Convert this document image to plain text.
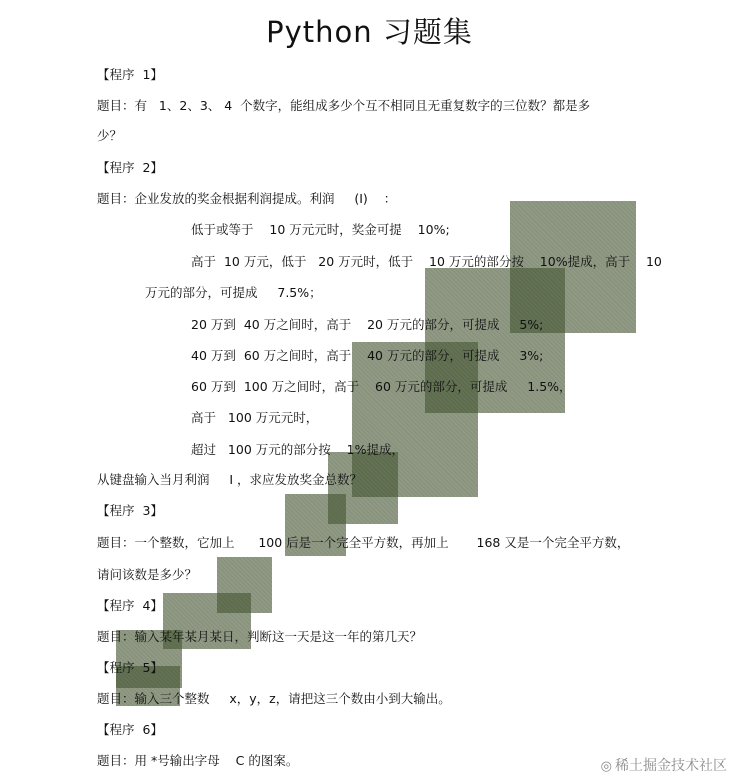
Python 习题集
【程序  1】
题目：有   1、2、3、 4  个数字，能组成多少个互不相同且无重复数字的三位数？都是多
少？
【程序  2】
题目：企业发放的奖金根据利润提成。利润     (I)    ：
低于或等于    10 万元元时，奖金可提    10%;
高于  10 万元，低于   20 万元时，低于    10 万元的部分按    10%提成，高于    10
万元的部分，可提成     7.5%；
20 万到  40 万之间时，高于    20 万元的部分，可提成     5%;
40 万到  60 万之间时，高于    40 万元的部分，可提成     3%;
60 万到  100 万之间时，高于    60 万元的部分，可提成     1.5%，
高于   100 万元元时，
超过   100 万元的部分按    1%提成，
从键盘输入当月利润     I ，求应发放奖金总数？
【程序  3】
题目：一个整数，它加上      100 后是一个完全平方数，再加上       168 又是一个完全平方数，
请问该数是多少？
【程序  4】
题目：输入某年某月某日，判断这一天是这一年的第几天？
【程序  5】
题目：输入三个整数     x，y，z，请把这三个数由小到大输出。
【程序  6】
题目：用 *号输出字母    C 的图案。	◎ 稀土掘金技术社区
